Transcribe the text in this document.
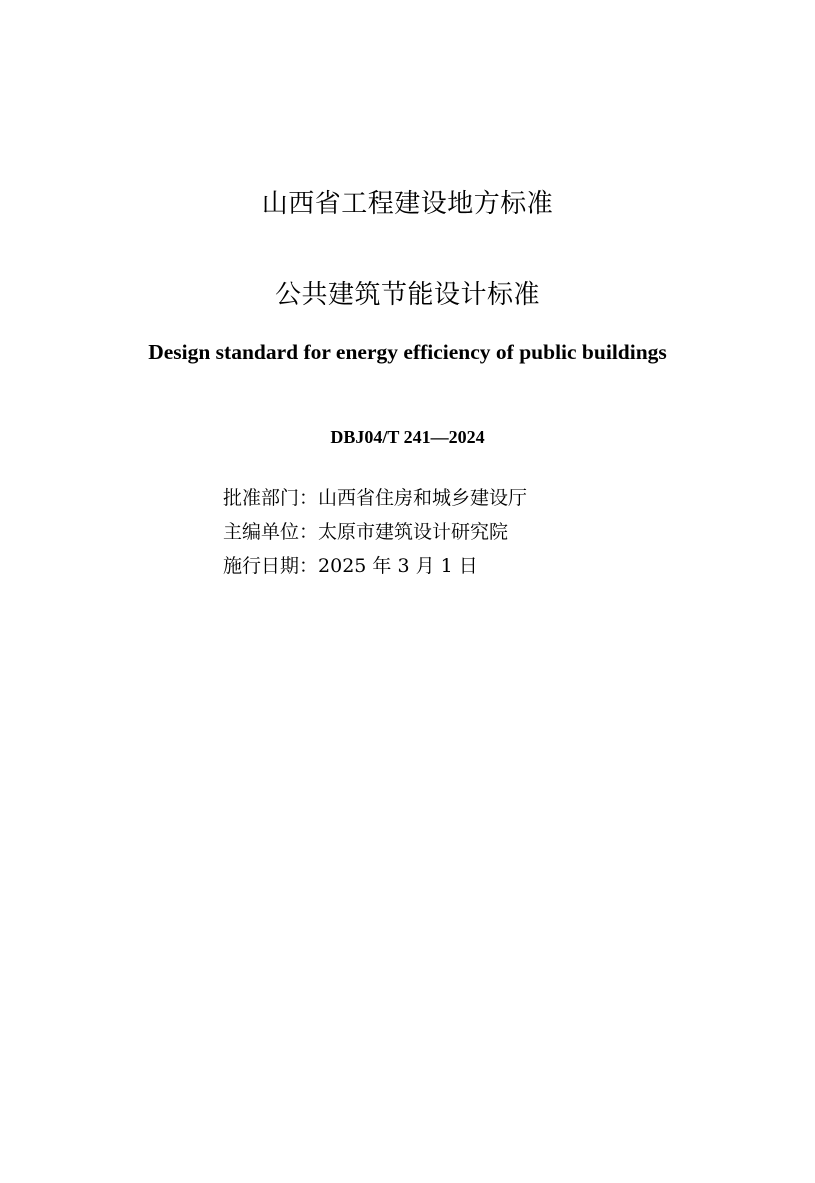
山西省工程建设地方标准
公共建筑节能设计标准
Design standard for energy efficiency of public buildings
DBJ04/T 241—2024
批准部门：山西省住房和城乡建设厅
主编单位：太原市建筑设计研究院
施行日期：2025 年 3 月 1 日
